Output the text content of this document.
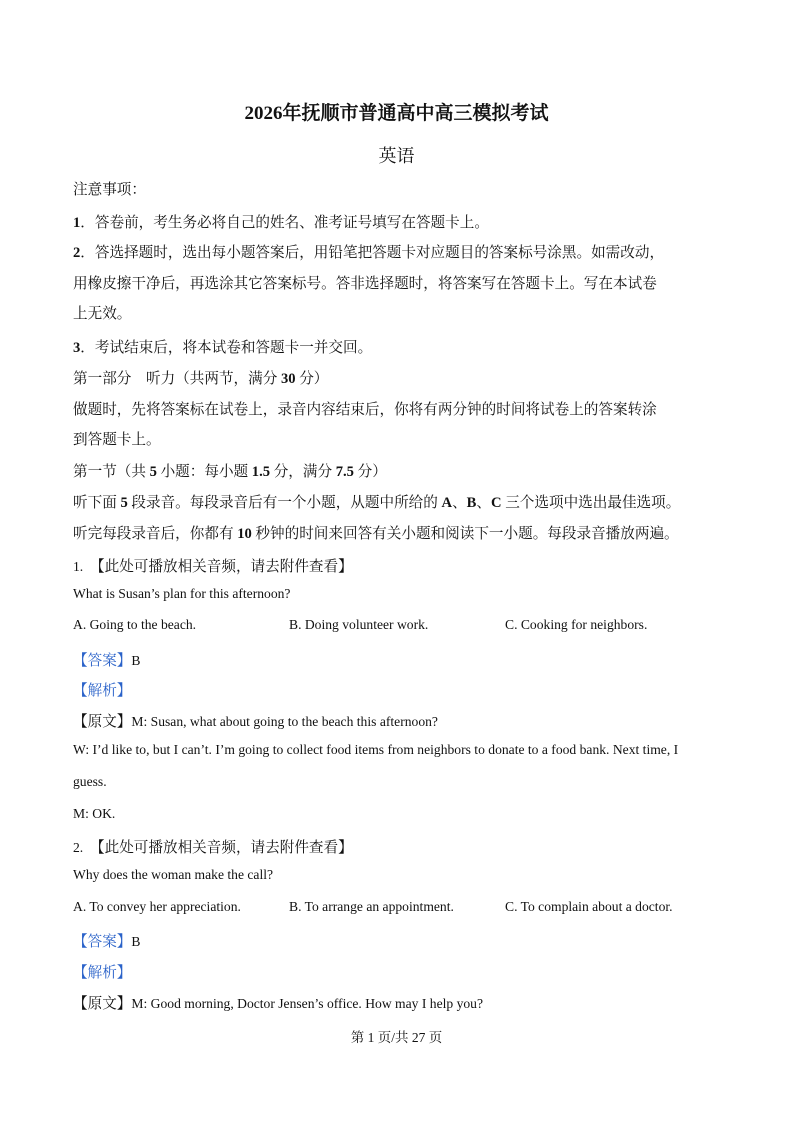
2026年抚顺市普通高中高三模拟考试
英语
注意事项：
1．答卷前，考生务必将自己的姓名、准考证号填写在答题卡上。
2．答选择题时，选出每小题答案后，用铅笔把答题卡对应题目的答案标号涂黑。如需改动，
用橡皮擦干净后，再选涂其它答案标号。答非选择题时，将答案写在答题卡上。写在本试卷
上无效。
3．考试结束后，将本试卷和答题卡一并交回。
第一部分　听力（共两节，满分 30 分）
做题时，先将答案标在试卷上，录音内容结束后，你将有两分钟的时间将试卷上的答案转涂
到答题卡上。
第一节（共 5 小题：每小题 1.5 分，满分 7.5 分）
听下面 5 段录音。每段录音后有一个小题，从题中所给的 A、B、C 三个选项中选出最佳选项。
听完每段录音后，你都有 10 秒钟的时间来回答有关小题和阅读下一小题。每段录音播放两遍。
1. 【此处可播放相关音频，请去附件查看】
What is Susan’s plan for this afternoon?
A. Going to the beach.	B. Doing volunteer work.	C. Cooking for neighbors.
【答案】B
【解析】
【原文】M: Susan, what about going to the beach this afternoon?
W: I’d like to, but I can’t. I’m going to collect food items from neighbors to donate to a food bank. Next time, I
guess.
M: OK.
2. 【此处可播放相关音频，请去附件查看】
Why does the woman make the call?
A. To convey her appreciation.	B. To arrange an appointment.	C. To complain about a doctor.
【答案】B
【解析】
【原文】M: Good morning, Doctor Jensen’s office. How may I help you?
第 1 页/共 27 页
